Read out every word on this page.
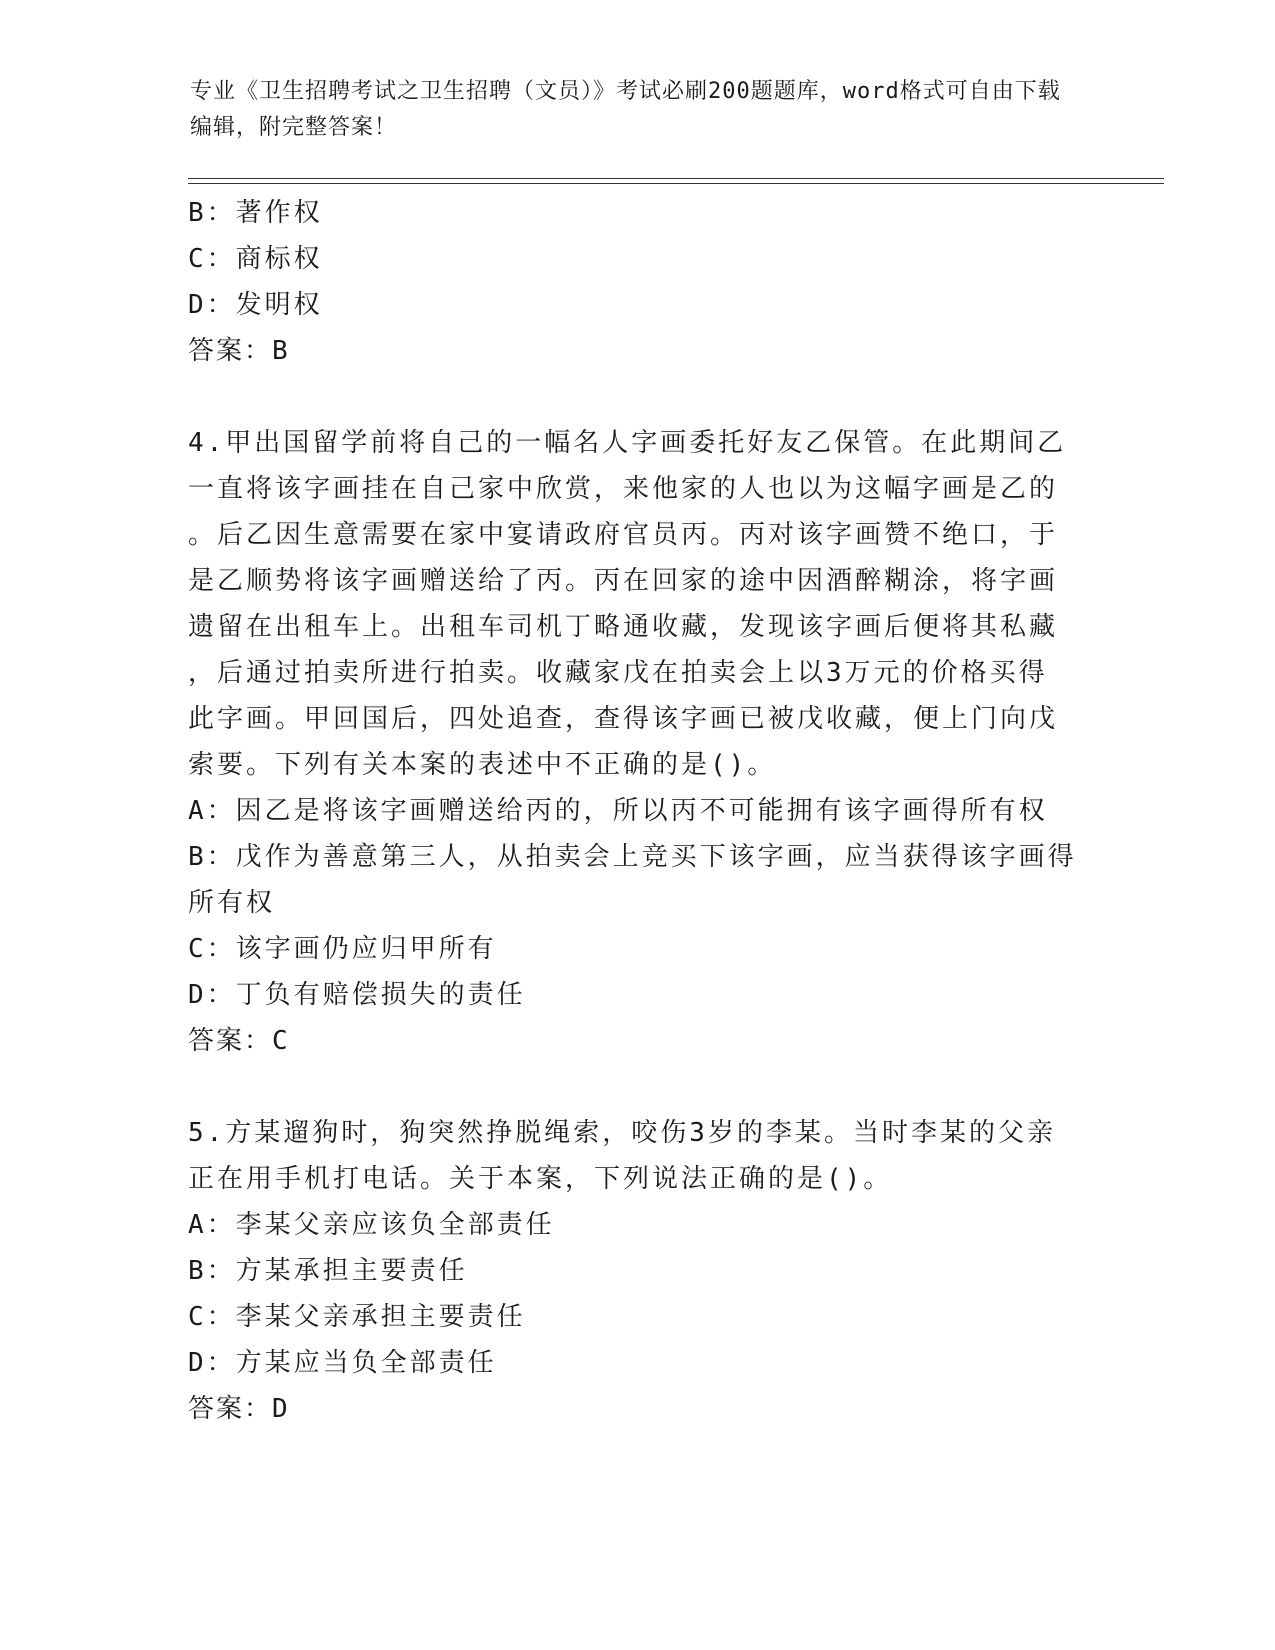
专业《卫生招聘考试之卫生招聘（文员）》考试必刷200题题库，word格式可自由下载编辑，附完整答案！
B：著作权
C：商标权
D：发明权
答案：B
4.甲出国留学前将自己的一幅名人字画委托好友乙保管。在此期间乙
一直将该字画挂在自己家中欣赏，来他家的人也以为这幅字画是乙的
。后乙因生意需要在家中宴请政府官员丙。丙对该字画赞不绝口，于
是乙顺势将该字画赠送给了丙。丙在回家的途中因酒醉糊涂，将字画
遗留在出租车上。出租车司机丁略通收藏，发现该字画后便将其私藏
，后通过拍卖所进行拍卖。收藏家戊在拍卖会上以3万元的价格买得
此字画。甲回国后，四处追查，查得该字画已被戊收藏，便上门向戊
索要。下列有关本案的表述中不正确的是()。
A：因乙是将该字画赠送给丙的，所以丙不可能拥有该字画得所有权
B：戊作为善意第三人，从拍卖会上竞买下该字画，应当获得该字画得
所有权
C：该字画仍应归甲所有
D：丁负有赔偿损失的责任
答案：C
5.方某遛狗时，狗突然挣脱绳索，咬伤3岁的李某。当时李某的父亲
正在用手机打电话。关于本案，下列说法正确的是()。
A：李某父亲应该负全部责任
B：方某承担主要责任
C：李某父亲承担主要责任
D：方某应当负全部责任
答案：D
